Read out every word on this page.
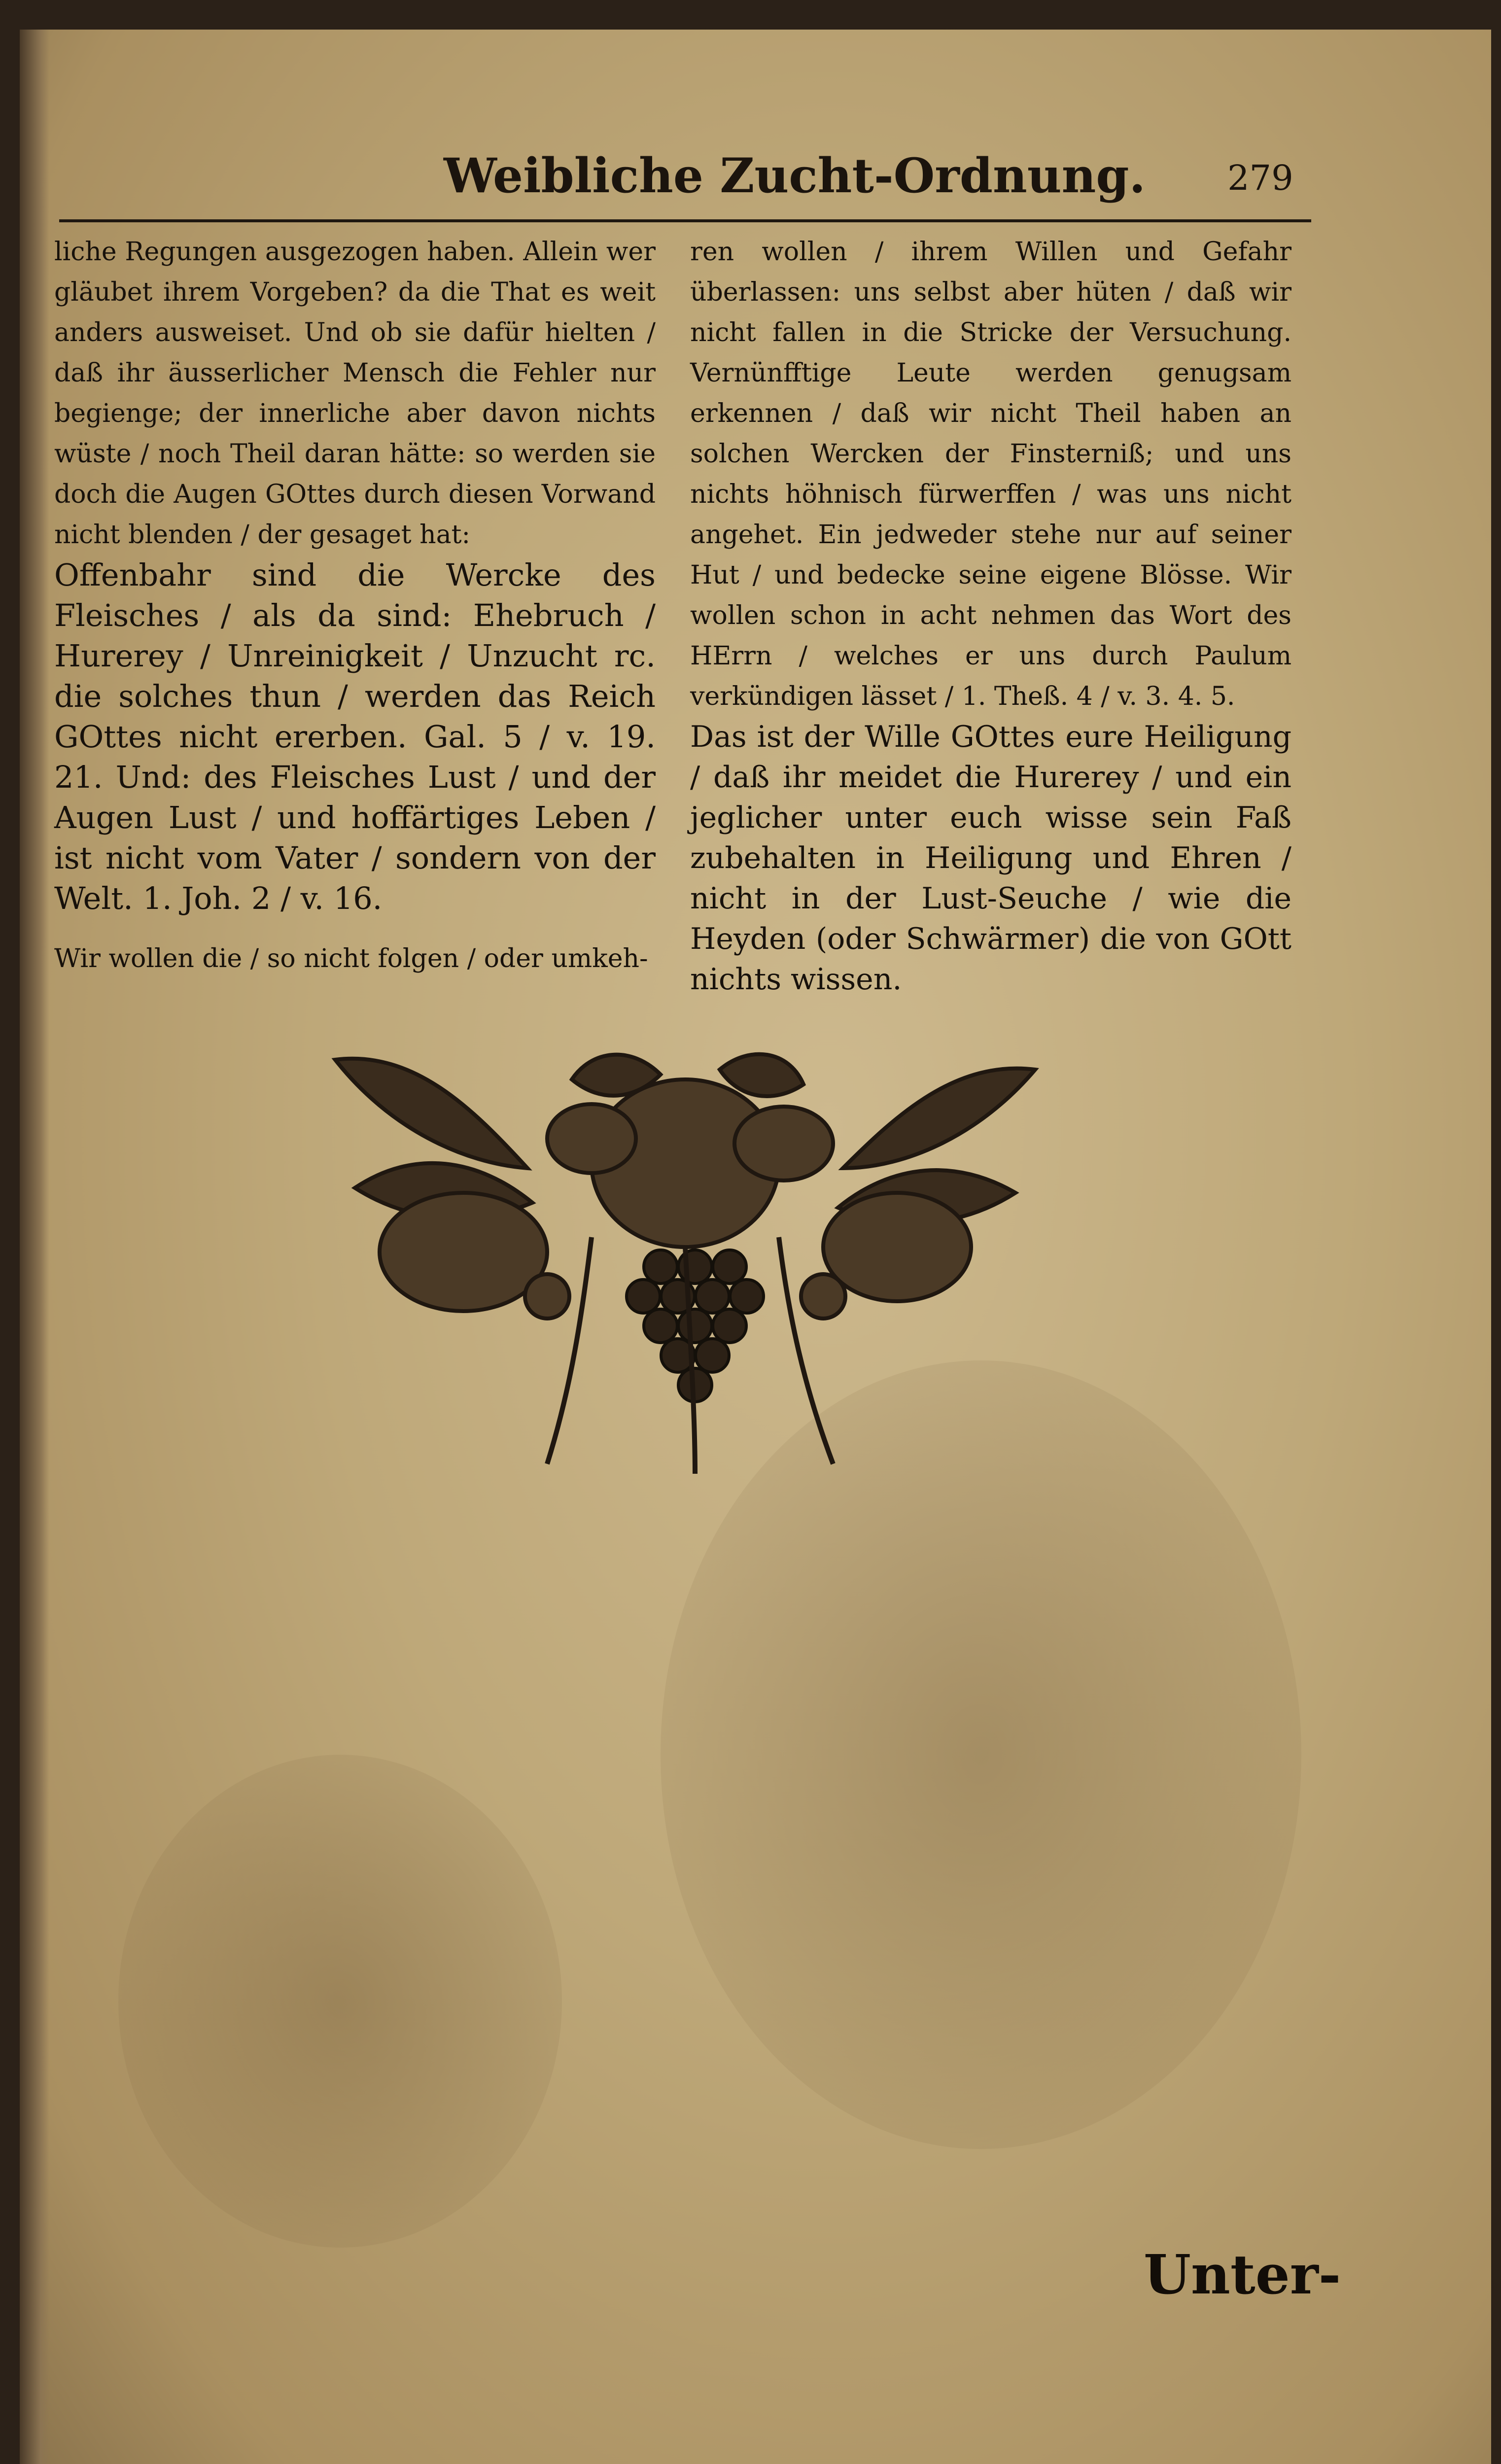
Weibliche Zucht-Ordnung. 279

liche Regungen ausgezogen haben. Allein wer gläubet ihrem Vorgeben? da die That es weit anders ausweiset. Und ob sie dafür hielten / daß ihr äusserlicher Mensch die Fehler nur begienge; der innerliche aber davon nichts wüste / noch Theil daran hätte: so werden sie doch die Augen GOttes durch diesen Vorwand nicht blenden / der gesaget hat:

Offenbahr sind die Wercke des Fleisches / als da sind: Ehebruch / Hurerey / Unreinigkeit / Unzucht rc. die solches thun / werden das Reich GOttes nicht ererben. Gal. 5 / v. 19. 21. Und: des Fleisches Lust / und der Augen Lust / und hoffärtiges Leben / ist nicht vom Vater / sondern von der Welt. 1. Joh. 2 / v. 16.

Wir wollen die / so nicht folgen / oder umkeh-

ren wollen / ihrem Willen und Gefahr überlassen: uns selbst aber hüten / daß wir nicht fallen in die Stricke der Versuchung. Vernünfftige Leute werden genugsam erkennen / daß wir nicht Theil haben an solchen Wercken der Finsterniß; und uns nichts höhnisch fürwerffen / was uns nicht angehet. Ein jedweder stehe nur auf seiner Hut / und bedecke seine eigene Blösse. Wir wollen schon in acht nehmen das Wort des HErrn / welches er uns durch Paulum verkündigen lässet / 1. Theß. 4 / v. 3. 4. 5.

Das ist der Wille GOttes eure Heiligung / daß ihr meidet die Hurerey / und ein jeglicher unter euch wisse sein Faß zubehalten in Heiligung und Ehren / nicht in der Lust-Seuche / wie die Heyden (oder Schwärmer) die von GOtt nichts wissen.

Unter-
